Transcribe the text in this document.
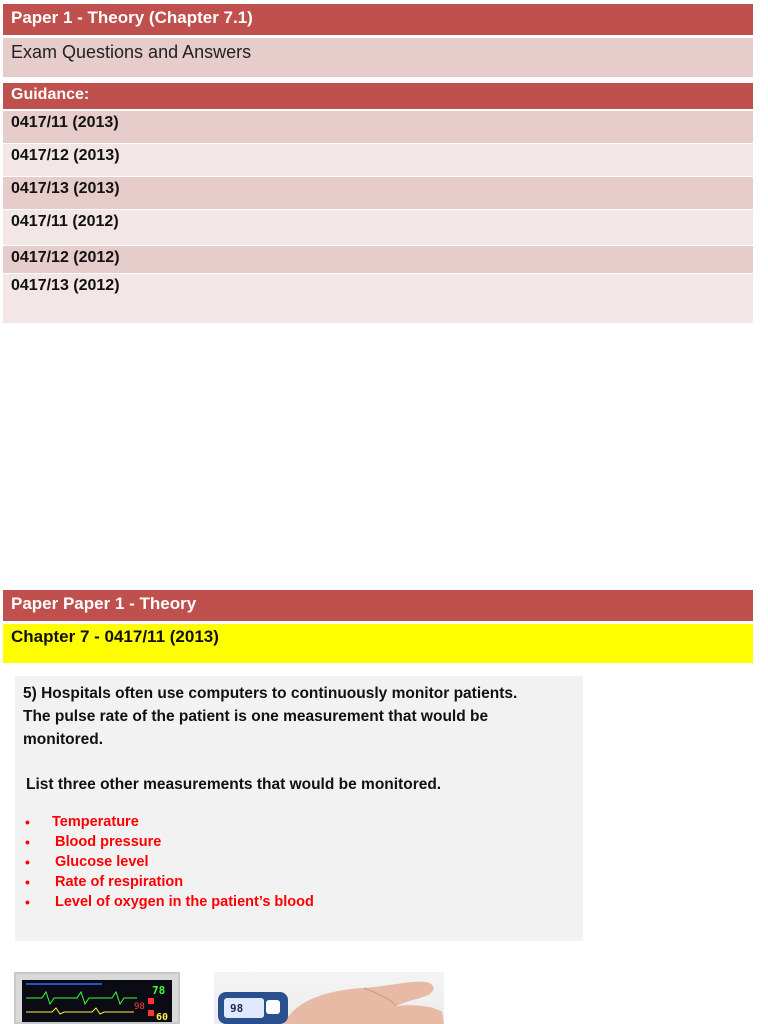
Paper 1 - Theory (Chapter 7.1)
Exam Questions and Answers
Guidance:
0417/11 (2013)
0417/12 (2013)
0417/13 (2013)
0417/11 (2012)
0417/12 (2012)
0417/13 (2012)
Paper Paper 1 - Theory
Chapter 7 - 0417/11 (2013)

5) Hospitals often use computers to continuously monitor patients.

The pulse rate of the patient is one measurement that would be

monitored.

List three other measurements that would be monitored.

• Temperature
• Blood pressure
• Glucose level
• Rate of respiration
• Level of oxygen in the patient’s blood
78
98
60
98
